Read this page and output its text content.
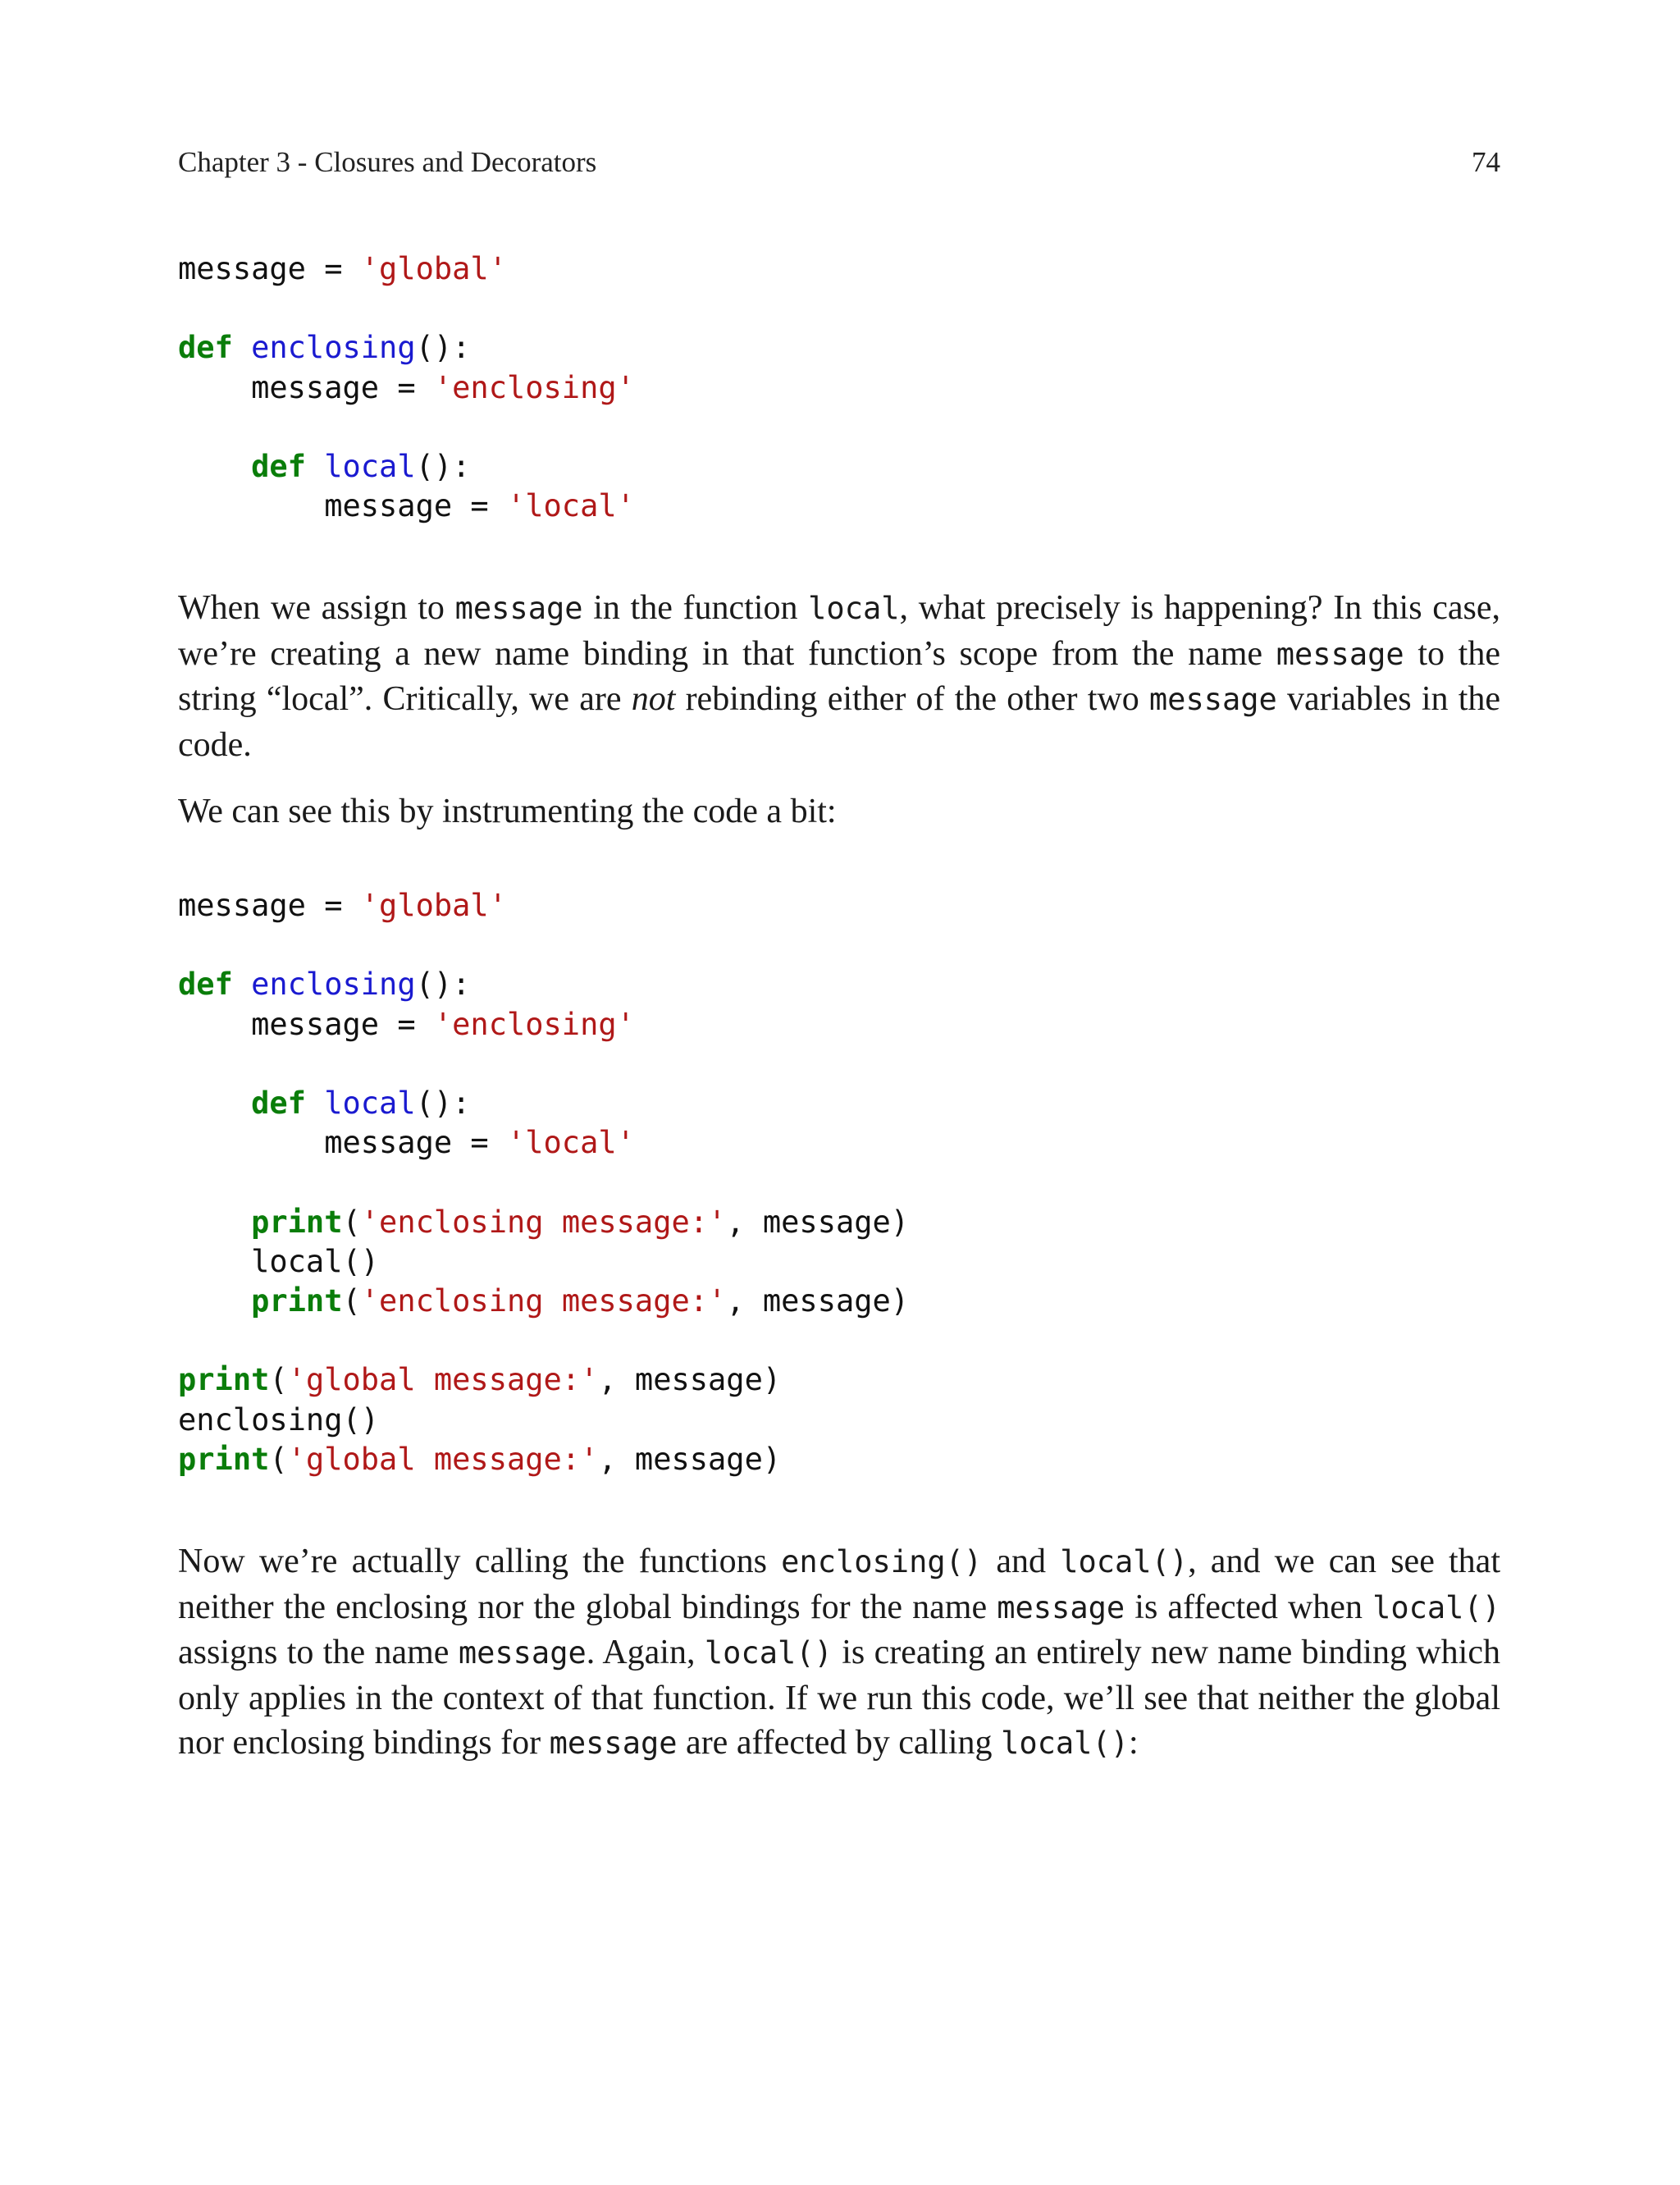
Chapter 3 - Closures and Decorators	74
message = 'global'

def enclosing():
message = 'enclosing'

def local():
message = 'local'

When we assign to message in the function local, what precisely is happening? In this case, we’re creating a new name binding in that function’s scope from the name message to the string “local”. Critically, we are not rebinding either of the other two message variables in the code.

We can see this by instrumenting the code a bit:

message = 'global'

def enclosing():
message = 'enclosing'

def local():
message = 'local'

print('enclosing message:', message)
local()
print('enclosing message:', message)

print('global message:', message)
enclosing()
print('global message:', message)

Now we’re actually calling the functions enclosing() and local(), and we can see that neither the enclosing nor the global bindings for the name message is affected when local() assigns to the name message. Again, local() is creating an entirely new name binding which only applies in the context of that function. If we run this code, we’ll see that neither the global nor enclosing bindings for message are affected by calling local():
